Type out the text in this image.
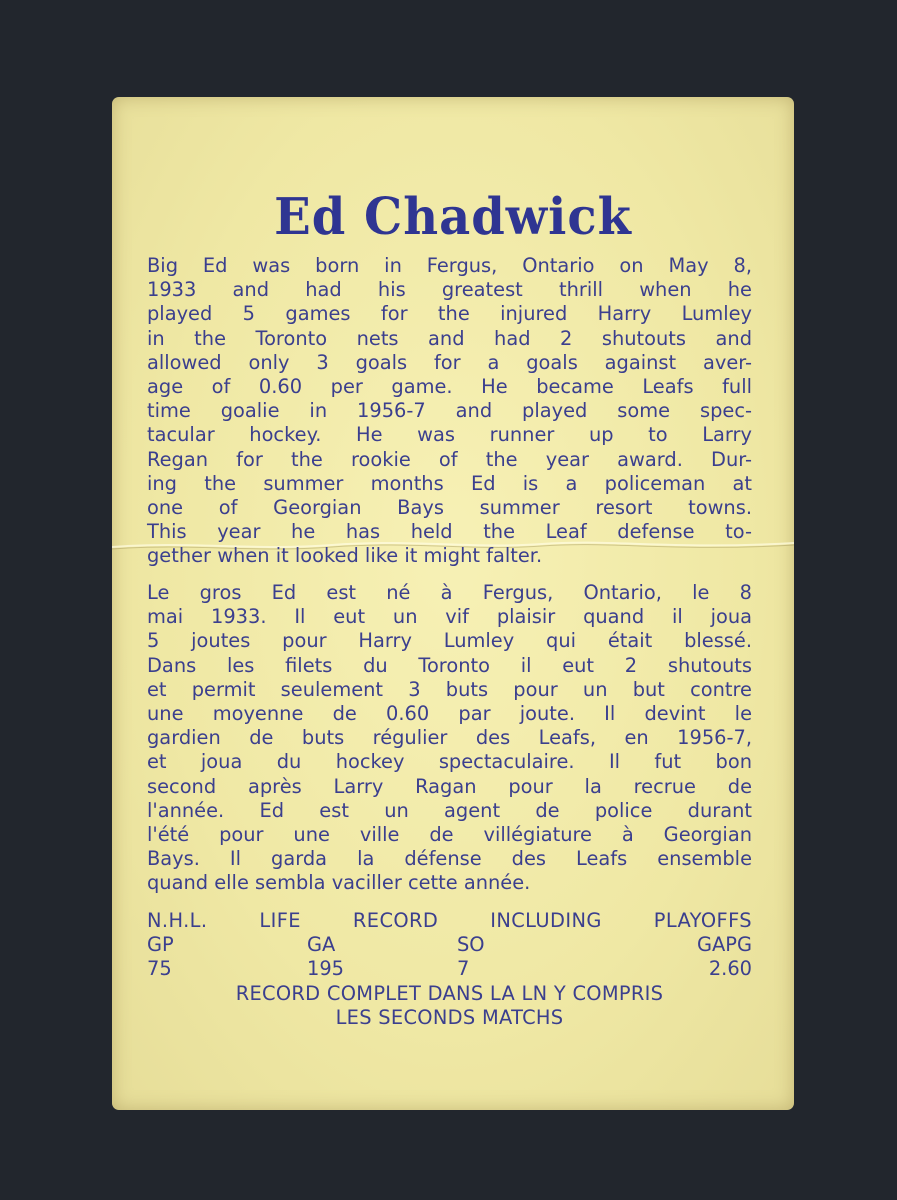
Ed Chadwick
Big Ed was born in Fergus, Ontario on May 8,
1933 and had his greatest thrill when he
played 5 games for the injured Harry Lumley
in the Toronto nets and had 2 shutouts and
allowed only 3 goals for a goals against aver-
age of 0.60 per game. He became Leafs full
time goalie in 1956-7 and played some spec-
tacular hockey. He was runner up to Larry
Regan for the rookie of the year award. Dur-
ing the summer months Ed is a policeman at
one of Georgian Bays summer resort towns.
This year he has held the Leaf defense to-
gether when it looked like it might falter.
Le gros Ed est né à Fergus, Ontario, le 8
mai 1933. Il eut un vif plaisir quand il joua
5 joutes pour Harry Lumley qui était blessé.
Dans les filets du Toronto il eut 2 shutouts
et permit seulement 3 buts pour un but contre
une moyenne de 0.60 par joute. Il devint le
gardien de buts régulier des Leafs, en 1956-7,
et joua du hockey spectaculaire. Il fut bon
second après Larry Ragan pour la recrue de
l'année. Ed est un agent de police durant
l'été pour une ville de villégiature à Georgian
Bays. Il garda la défense des Leafs ensemble
quand elle sembla vaciller cette année.
N.H.L. LIFE RECORD INCLUDING PLAYOFFS
GP	GA	SO	GAPG
75	195	7	2.60
RECORD COMPLET DANS LA LN Y COMPRIS
LES SECONDS MATCHS
